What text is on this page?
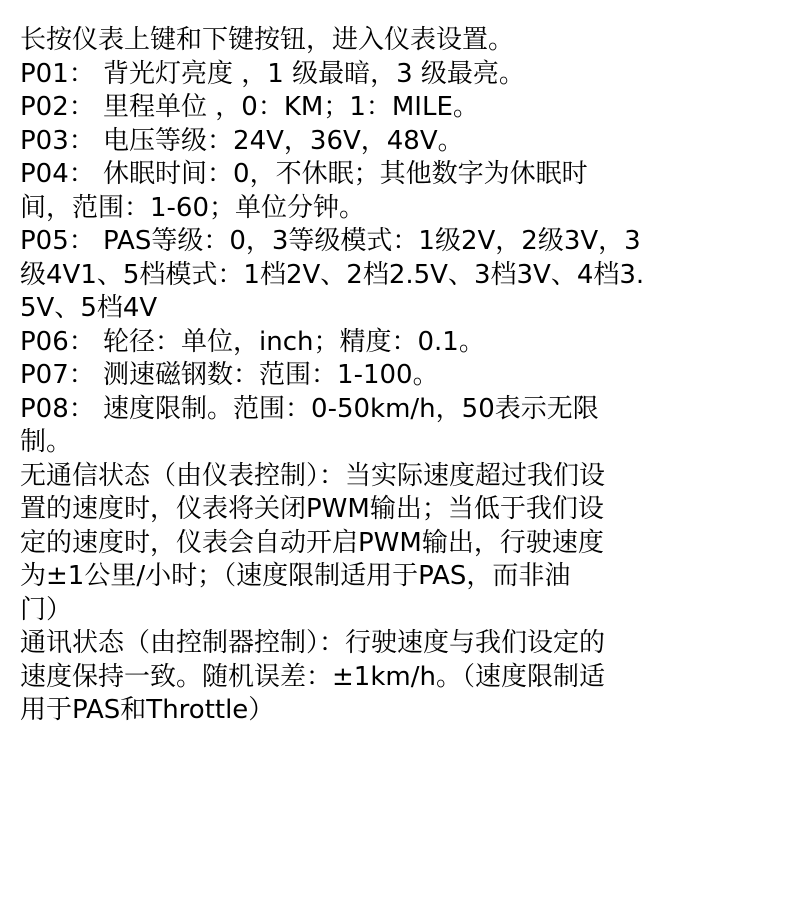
长按仪表上键和下键按钮，进入仪表设置。
P01： 背光灯亮度 ，1 级最暗，3 级最亮。
P02： 里程单位 ，0：KM；1：MILE。
P03： 电压等级：24V，36V，48V。
P04： 休眠时间：0，不休眠；其他数字为休眠时
间，范围：1-60；单位分钟。
P05： PAS等级：0，3等级模式：1级2V，2级3V，3
级4V1、5档模式：1档2V、2档2.5V、3档3V、4档3.
5V、5档4V
P06： 轮径：单位，inch；精度：0.1。
P07： 测速磁钢数：范围：1-100。
P08： 速度限制。范围：0-50km/h，50表示无限
制。
无通信状态（由仪表控制）：当实际速度超过我们设
置的速度时，仪表将关闭PWM输出；当低于我们设
定的速度时，仪表会自动开启PWM输出，行驶速度
为±1公里/小时；（速度限制适用于PAS，而非油
门）
通讯状态（由控制器控制）：行驶速度与我们设定的
速度保持一致。随机误差：±1km/h。（速度限制适
用于PAS和Throttle）
